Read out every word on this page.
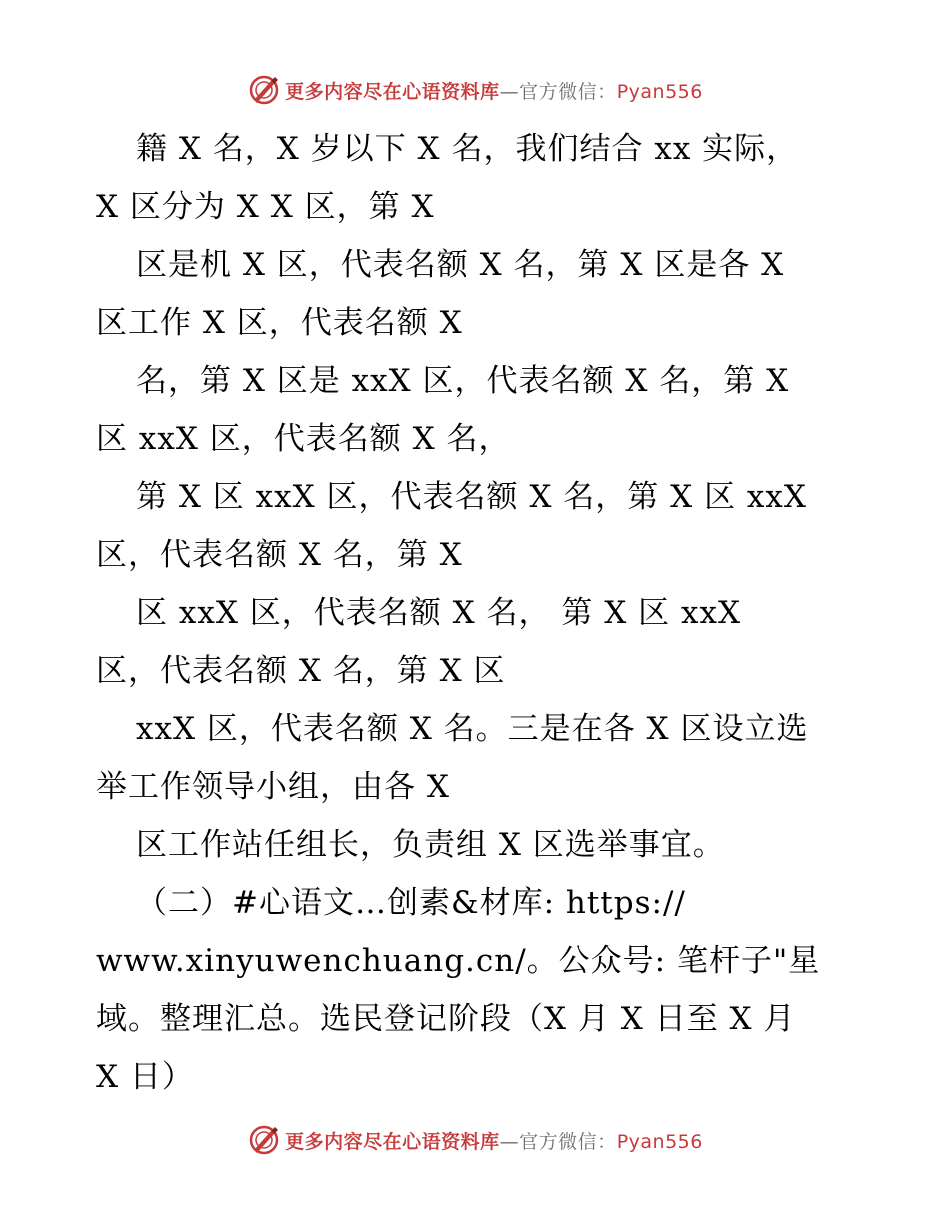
更多内容尽在心语资料库—官方微信：Pyan556
籍 X 名，X 岁以下 X 名，我们结合 xx 实际，
X 区分为 X X 区，第 X
区是机 X 区，代表名额 X 名，第 X 区是各 X
区工作 X 区，代表名额 X
名，第 X 区是 xxX 区，代表名额 X 名，第 X
区 xxX 区，代表名额 X 名，
第 X 区 xxX 区，代表名额 X 名，第 X 区 xxX
区，代表名额 X 名，第 X
区 xxX 区，代表名额 X 名， 第 X 区 xxX
区，代表名额 X 名，第 X 区
xxX 区，代表名额 X 名。三是在各 X 区设立选
举工作领导小组，由各 X
区工作站任组长，负责组 X 区选举事宜。
（二）#心语文…创素&材库: https://
www.xinyuwenchuang.cn/。公众号: 笔杆子"星
域。整理汇总。选民登记阶段（X 月 X 日至 X 月
X 日）
更多内容尽在心语资料库—官方微信：Pyan556
